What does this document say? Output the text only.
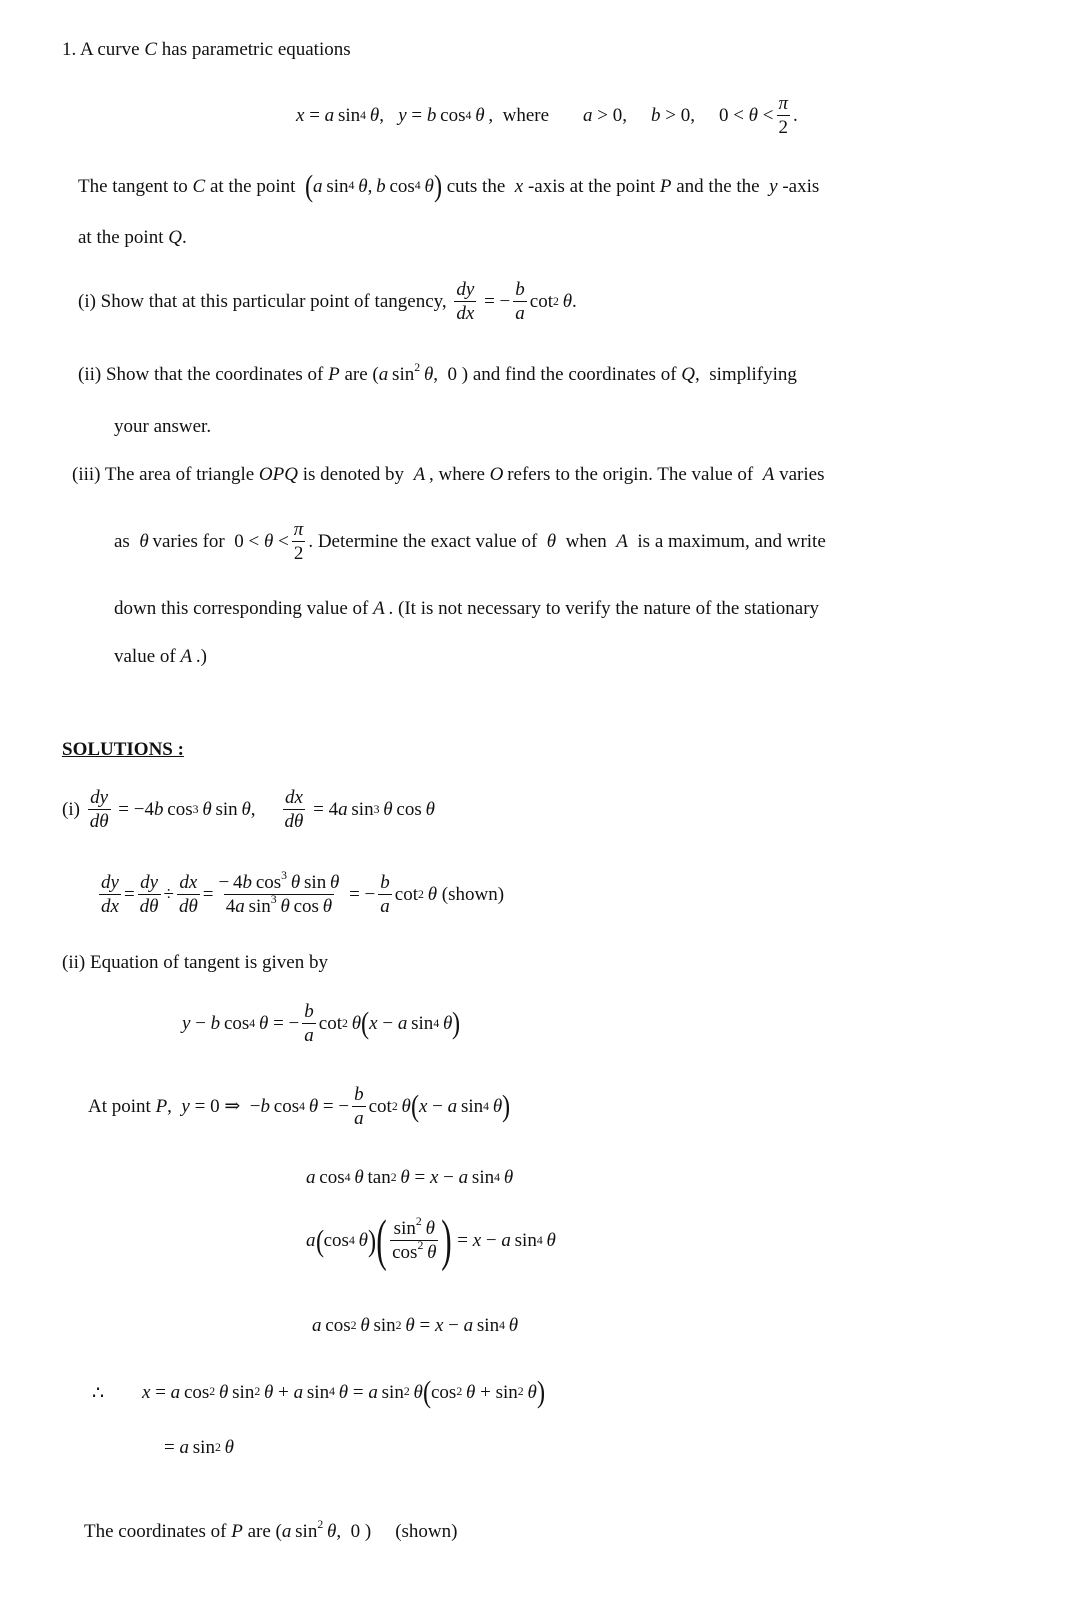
1. A curve C has parametric equations
x = a  sin 4
  θ , y = b  cos 4
  θ  , where a > 0, b > 0, 0 < θ <
π
2
.
The tangent to
C
at the point
( a  sin 4
  θ ,  b  cos 4
  θ )
cuts the
x
-axis at the point
P
and the the y
-axis
at the point Q.
(i) Show that at this particular point of tangency,

dy
dx
= −
b
a
cot 2
  θ .
(ii) Show that the coordinates of P are (a $\sin^2 \theta$,  0 ) and find the coordinates of Q,  simplifying
your answer.
(iii) The area of triangle OPQ is denoted by A  , where O  refers to the origin. The value of A varies
as
θ
  varies for 0 < θ <
π
2
. Determine the exact value of
θ
when
A
is a maximum, and write
down this corresponding value of A  . (It is not necessary to verify the nature of the stationary
value of A  .)
SOLUTIONS :
(i)

dy
dθ
= −4 b  cos 3
  θ  sin  θ ,
dx
dθ
= 4 a  sin 3
  θ  cos  θ
dy
dx
=
dy
dθ
÷
dx
dθ
=
− 4b $\cos^3 \theta$ sin θ
4a $\sin^3 \theta$ cos θ
= −
b
a
cot 2
  θ
(shown)
(ii) Equation of tangent is given by
y − b  cos 4
  θ = −
b
a
cot 2
  θ ( x − a  sin 4
  θ )
At point
P , y = 0 ⇒  − b  cos 4
  θ = −
b
a
cot 2
  θ ( x − a  sin 4
  θ )
a  cos 4
  θ  tan 2
  θ = x − a  sin 4
  θ
a ( cos 4
  θ ) ( $\sin^2 \theta$
$\cos^2 \theta$ ) = x − a  sin 4
  θ
a  cos 2
  θ  sin 2
  θ = x − a  sin 4
  θ
∴ x = a  cos 2
  θ  sin 2
  θ + a  sin 4
  θ = a  sin 2
  θ ( cos 2
  θ + sin 2
  θ )
= a  sin 2
  θ
The coordinates of P are (a $\sin^2 \theta$,  0 ) (shown)
